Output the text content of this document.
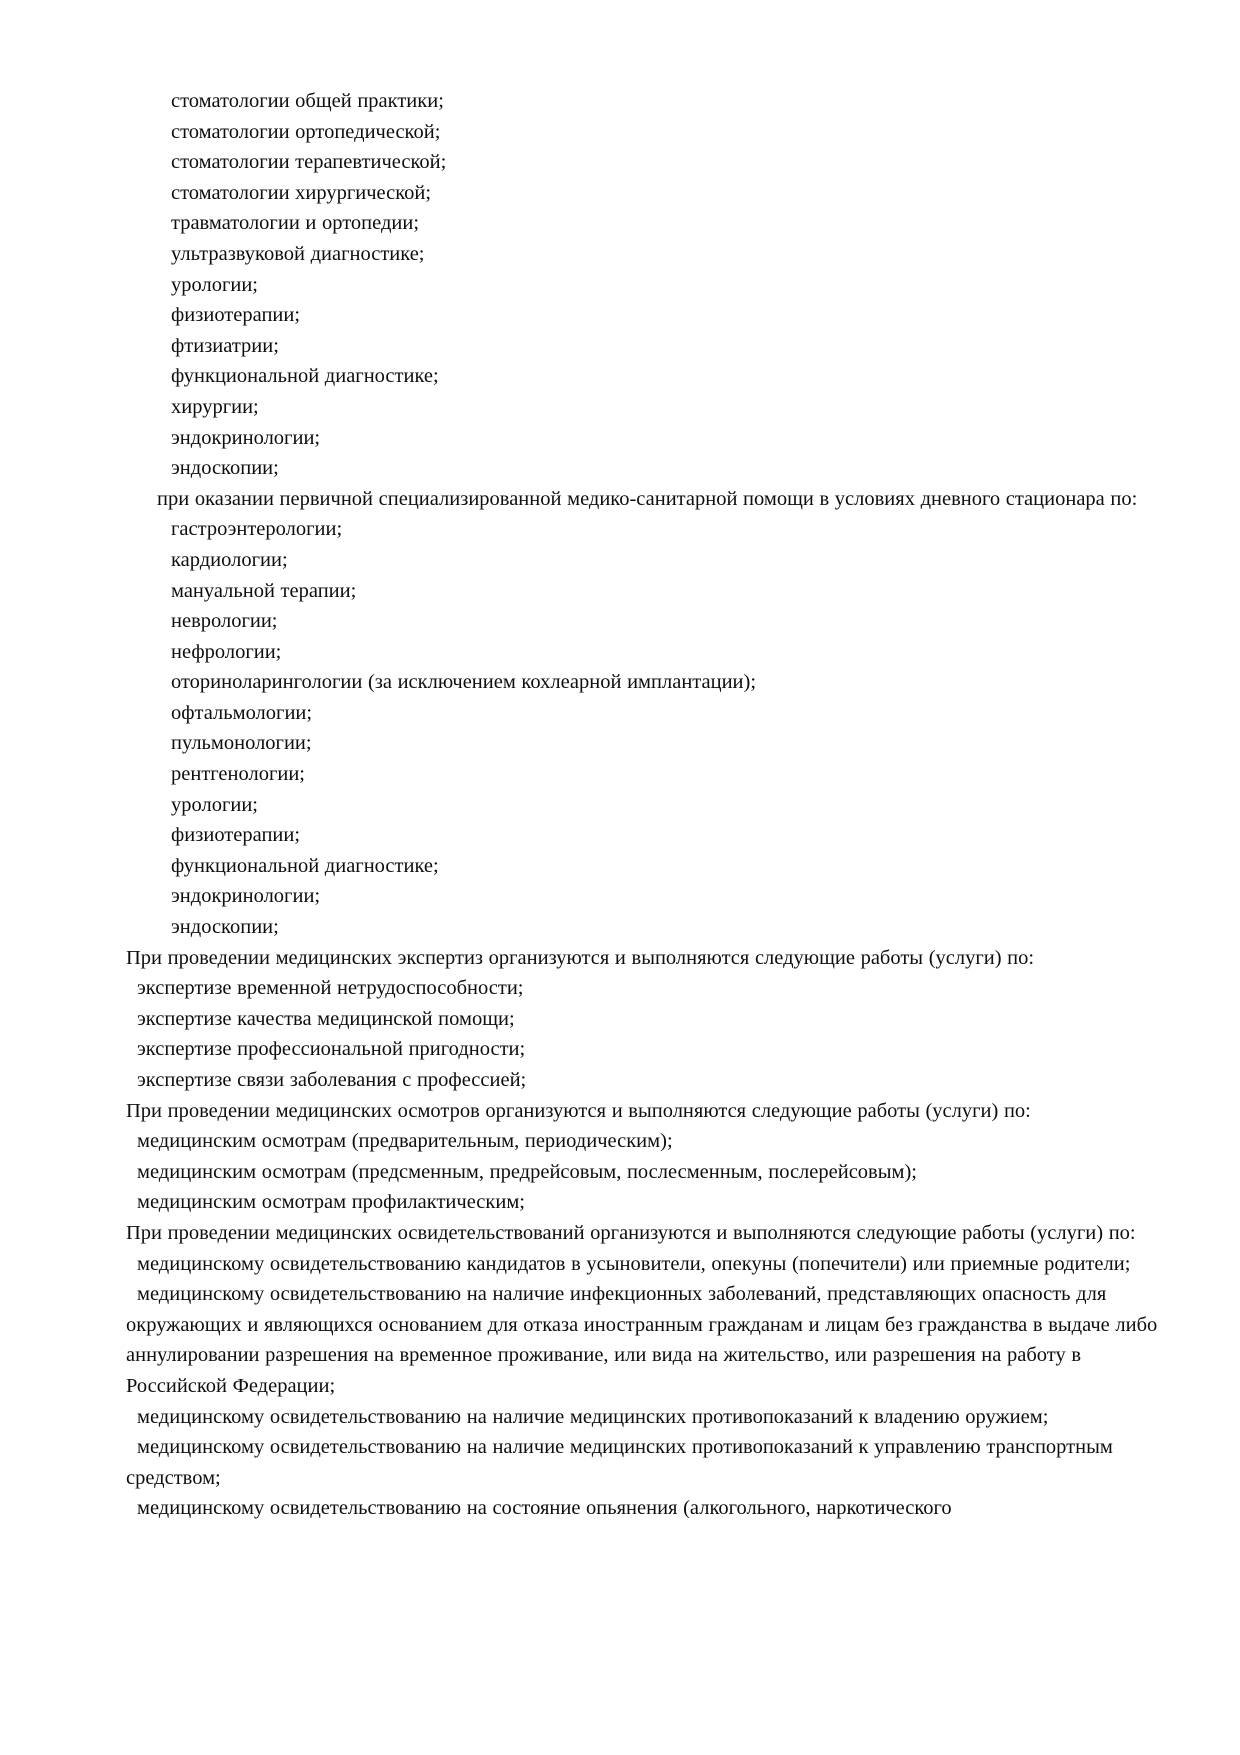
стоматологии общей практики;

стоматологии ортопедической;

стоматологии терапевтической;

стоматологии хирургической;

травматологии и ортопедии;

ультразвуковой диагностике;

урологии;

физиотерапии;

фтизиатрии;

функциональной диагностике;

хирургии;

эндокринологии;

эндоскопии;

при оказании первичной специализированной медико-санитарной помощи в условиях дневного стационара по:

гастроэнтерологии;

кардиологии;

мануальной терапии;

неврологии;

нефрологии;

оториноларингологии (за исключением кохлеарной имплантации);

офтальмологии;

пульмонологии;

рентгенологии;

урологии;

физиотерапии;

функциональной диагностике;

эндокринологии;

эндоскопии;

При проведении медицинских экспертиз организуются и выполняются следующие работы (услуги) по:

экспертизе временной нетрудоспособности;

экспертизе качества медицинской помощи;

экспертизе профессиональной пригодности;

экспертизе связи заболевания с профессией;

При проведении медицинских осмотров организуются и выполняются следующие работы (услуги) по:

медицинским осмотрам (предварительным, периодическим);

медицинским осмотрам (предсменным, предрейсовым, послесменным, послерейсовым);

медицинским осмотрам профилактическим;

При проведении медицинских освидетельствований организуются и выполняются следующие работы (услуги) по:

медицинскому освидетельствованию кандидатов в усыновители, опекуны (попечители) или приемные родители;

медицинскому освидетельствованию на наличие инфекционных заболеваний, представляющих опасность для окружающих и являющихся основанием для отказа иностранным гражданам и лицам без гражданства в выдаче либо аннулировании разрешения на временное проживание, или вида на жительство, или разрешения на работу в Российской Федерации;

медицинскому освидетельствованию на наличие медицинских противопоказаний к владению оружием;

медицинскому освидетельствованию на наличие медицинских противопоказаний к управлению транспортным средством;

медицинскому освидетельствованию на состояние опьянения (алкогольного, наркотического
